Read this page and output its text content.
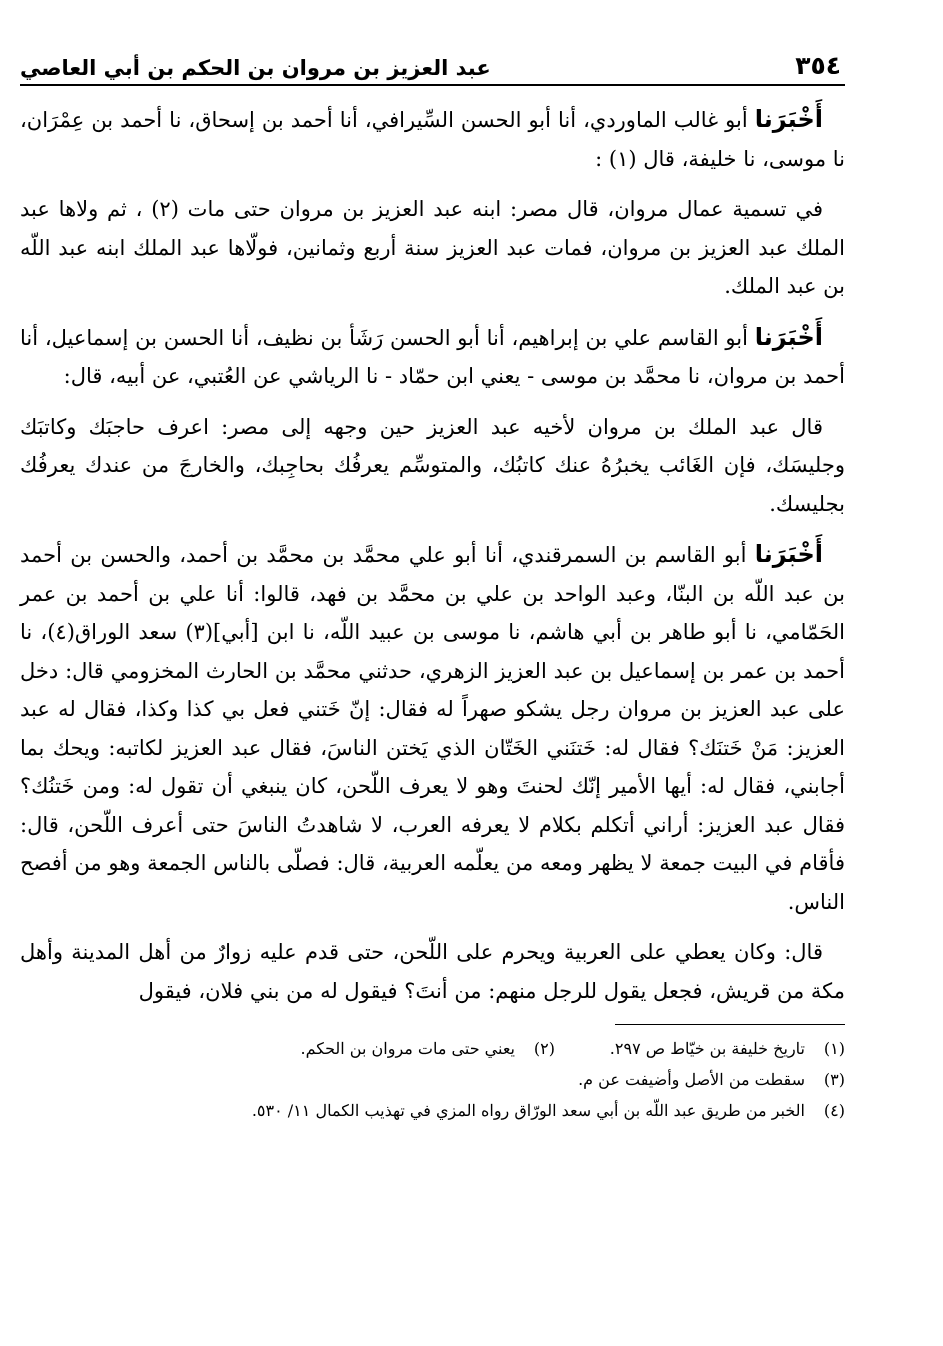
٣٥٤
عبد العزيز بن مروان بن الحكم بن أبي العاصي

أَخْبَرَنا أبو غالب الماوردي، أنا أبو الحسن السِّيرافي، أنا أحمد بن إسحاق، نا أحمد بن عِمْرَان، نا موسى، نا خليفة، قال (١) :

في تسمية عمال مروان، قال مصر: ابنه عبد العزيز بن مروان حتى مات (٢) ، ثم ولاها عبد الملك عبد العزيز بن مروان، فمات عبد العزيز سنة أربع وثمانين، فولّاها عبد الملك ابنه عبد اللّه بن عبد الملك.

أَخْبَرَنا أبو القاسم علي بن إبراهيم، أنا أبو الحسن رَشَأ بن نظيف، أنا الحسن بن إسماعيل، أنا أحمد بن مروان، نا محمَّد بن موسى - يعني ابن حمّاد - نا الرياشي عن العُتبي، عن أبيه، قال:

قال عبد الملك بن مروان لأخيه عبد العزيز حين وجهه إلى مصر: اعرف حاجبَك وكاتبَك وجليسَك، فإن الغَائب يخبرُهُ عنك كاتبُك، والمتوسِّم يعرفُك بحاجِبك، والخارجَ من عندك يعرفُك بجليسك.

أَخْبَرَنا أبو القاسم بن السمرقندي، أنا أبو علي محمَّد بن محمَّد بن أحمد، والحسن بن أحمد بن عبد اللّه بن البنّا، وعبد الواحد بن علي بن محمَّد بن فهد، قالوا: أنا علي بن أحمد بن عمر الحَمّامي، نا أبو طاهر بن أبي هاشم، نا موسى بن عبيد اللّه، نا ابن [أبي](٣) سعد الوراق(٤)، نا أحمد بن عمر بن إسماعيل بن عبد العزيز الزهري، حدثني محمَّد بن الحارث المخزومي قال: دخل على عبد العزيز بن مروان رجل يشكو صهراً له فقال: إنّ خَتني فعل بي كذا وكذا، فقال له عبد العزيز: مَنْ خَتنَك؟ فقال له: خَتنَني الخَتّان الذي يَختن الناسَ، فقال عبد العزيز لكاتبه: ويحك بما أجابني، فقال له: أيها الأمير إنّك لحنتَ وهو لا يعرف اللّحن، كان ينبغي أن تقول له: ومن خَتنُك؟ فقال عبد العزيز: أراني أتكلم بكلام لا يعرفه العرب، لا شاهدتُ الناسَ حتى أعرف اللّحن، قال: فأقام في البيت جمعة لا يظهر ومعه من يعلّمه العربية، قال: فصلّى بالناس الجمعة وهو من أفصح الناس.

قال: وكان يعطي على العربية ويحرم على اللّحن، حتى قدم عليه زوارٌ من أهل المدينة وأهل مكة من قريش، فجعل يقول للرجل منهم: من أنتَ؟ فيقول له من بني فلان، فيقول

(١)
تاريخ خليفة بن خيّاط ص ٢٩٧.
(٢)
يعني حتى مات مروان بن الحكم.
(٣)
سقطت من الأصل وأضيفت عن م.
(٤)
الخبر من طريق عبد اللّه بن أبي سعد الورّاق رواه المزي في تهذيب الكمال ١١/ ٥٣٠.
